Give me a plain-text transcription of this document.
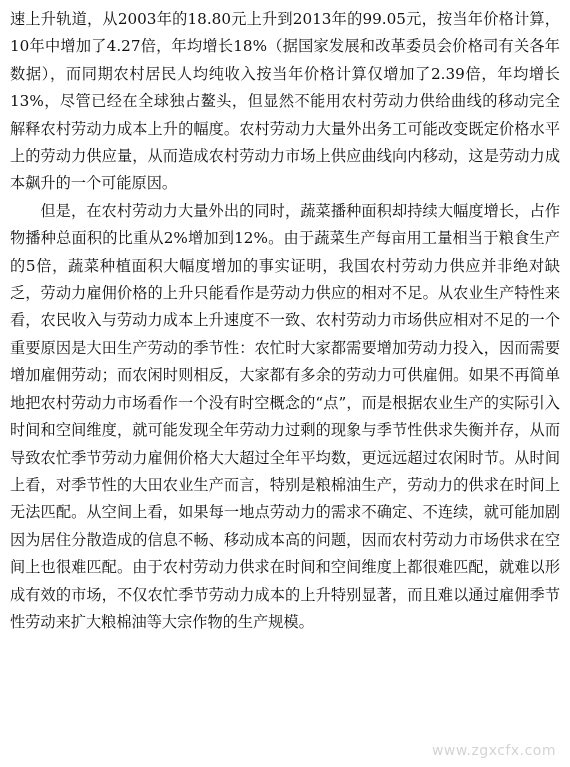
速上升轨道，从2003年的18.80元上升到2013年的99.05元，按当年价格计算，10年中增加了4.27倍，年均增长18%（据国家发展和改革委员会价格司有关各年数据），而同期农村居民人均纯收入按当年价格计算仅增加了2.39倍，年均增长13%，尽管已经在全球独占鳌头，但显然不能用农村劳动力供给曲线的移动完全解释农村劳动力成本上升的幅度。农村劳动力大量外出务工可能改变既定价格水平上的劳动力供应量，从而造成农村劳动力市场上供应曲线向内移动，这是劳动力成本飙升的一个可能原因。

但是，在农村劳动力大量外出的同时，蔬菜播种面积却持续大幅度增长，占作物播种总面积的比重从2%增加到12%。由于蔬菜生产每亩用工量相当于粮食生产的5倍，蔬菜种植面积大幅度增加的事实证明，我国农村劳动力供应并非绝对缺乏，劳动力雇佣价格的上升只能看作是劳动力供应的相对不足。从农业生产特性来看，农民收入与劳动力成本上升速度不一致、农村劳动力市场供应相对不足的一个重要原因是大田生产劳动的季节性：农忙时大家都需要增加劳动力投入，因而需要增加雇佣劳动；而农闲时则相反，大家都有多余的劳动力可供雇佣。如果不再简单地把农村劳动力市场看作一个没有时空概念的“点”，而是根据农业生产的实际引入时间和空间维度，就可能发现全年劳动力过剩的现象与季节性供求失衡并存，从而导致农忙季节劳动力雇佣价格大大超过全年平均数，更远远超过农闲时节。从时间上看，对季节性的大田农业生产而言，特别是粮棉油生产，劳动力的供求在时间上无法匹配。从空间上看，如果每一地点劳动力的需求不确定、不连续，就可能加剧因为居住分散造成的信息不畅、移动成本高的问题，因而农村劳动力市场供求在空间上也很难匹配。由于农村劳动力供求在时间和空间维度上都很难匹配，就难以形成有效的市场，不仅农忙季节劳动力成本的上升特别显著，而且难以通过雇佣季节性劳动来扩大粮棉油等大宗作物的生产规模。

www.zgxcfx.com
